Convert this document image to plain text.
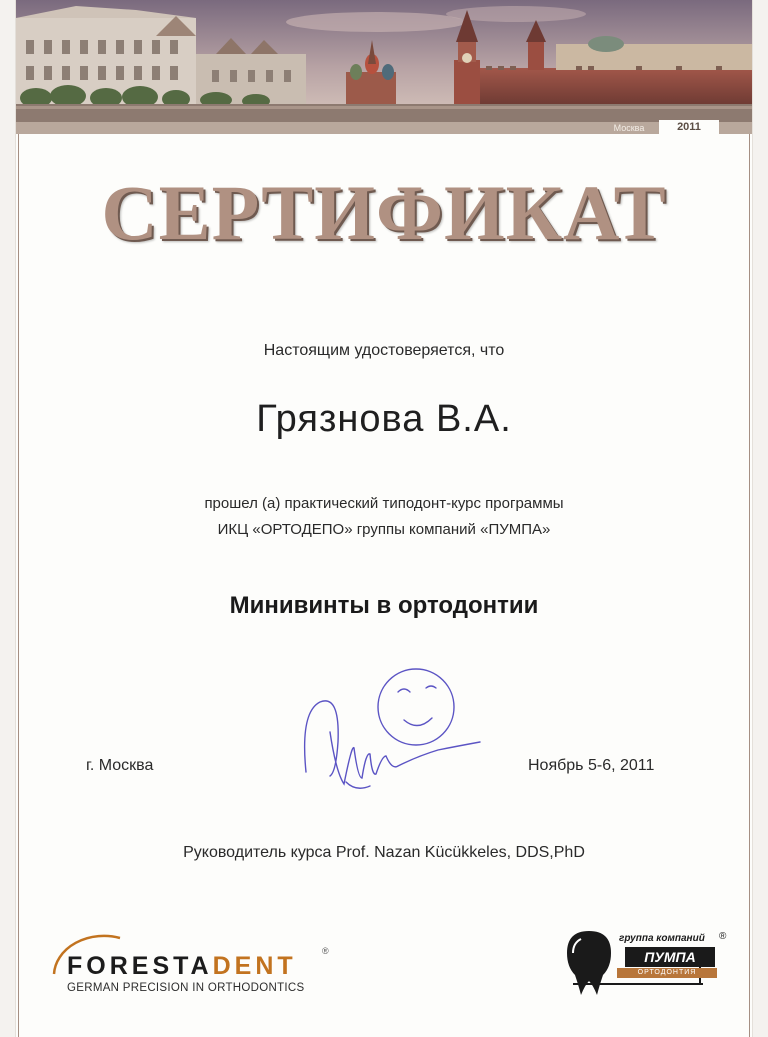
Москва	2011
СЕРТИФИКАТ
Настоящим удостоверяется, что
Грязнова В.А.
прошел (а) практический типодонт-курс программы
ИКЦ «ОРТОДЕПО» группы компаний «ПУМПА»
Минивинты в ортодонтии
г. Москва	Ноябрь 5-6, 2011
Руководитель курса Prof. Nazan Kücükkeles, DDS,PhD
FORESTADENT
®
GERMAN PRECISION IN ORTHODONTICS
группа компаний ®
ПУМПА
ОРТОДОНТИЯ
